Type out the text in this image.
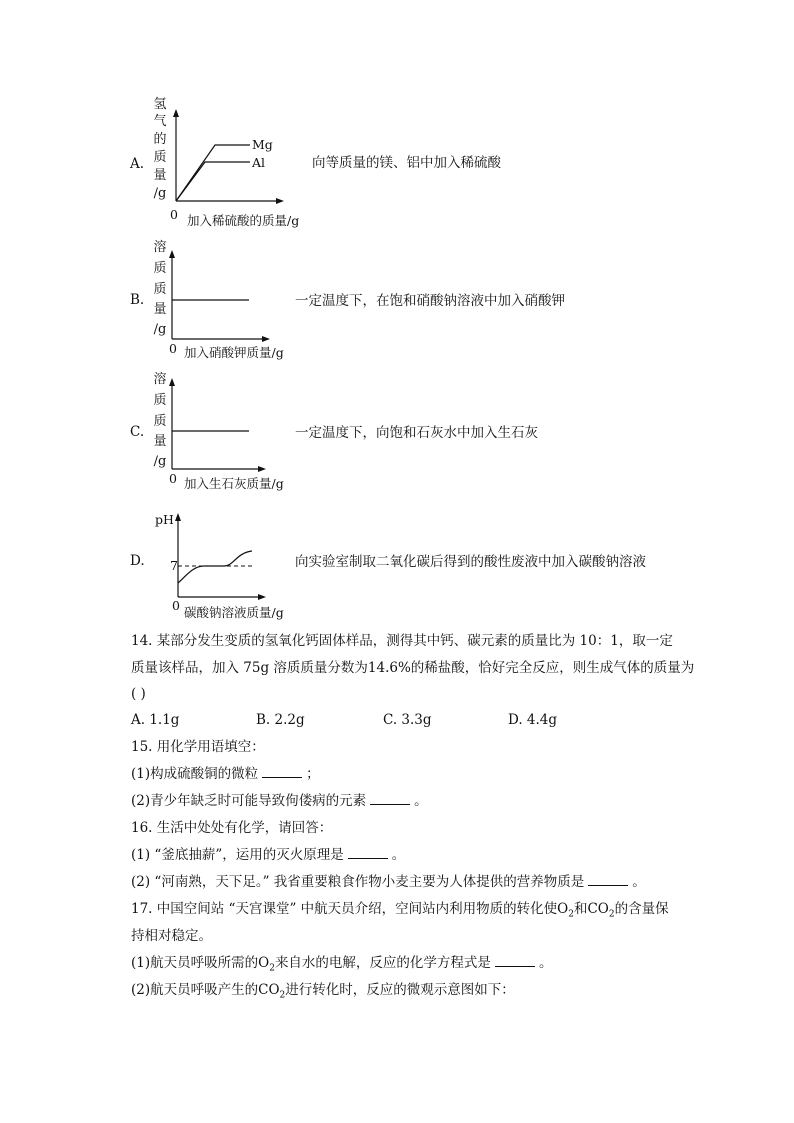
A.
氢
气
的
质
量
/g
Mg
Al
0 加入稀硫酸的质量/g
向等质量的镁、铝中加入稀硫酸
B.
溶
质
质
量
/g
0 加入硝酸钾质量/g
一定温度下，在饱和硝酸钠溶液中加入硝酸钾
C.
溶
质
质
量
/g
0 加入生石灰质量/g
一定温度下，向饱和石灰水中加入生石灰
D.
pH
7
0 碳酸钠溶液质量/g
向实验室制取二氧化碳后得到的酸性废液中加入碳酸钠溶液
14. 某部分发生变质的氢氧化钙固体样品，测得其中钙、碳元素的质量比为 10：1，取一定
质量该样品，加入 75g 溶质质量分数为14.6%的稀盐酸，恰好完全反应，则生成气体的质量为
( )
A. 1.1g	B. 2.2g	C. 3.3g	D. 4.4g
15. 用化学用语填空：
(1)构成硫酸铜的微粒	；
(2)青少年缺乏时可能导致佝偻病的元素	。
16. 生活中处处有化学，请回答：
(1) “釜底抽薪”，运用的灭火原理是	。
(2) “河南熟，天下足。” 我省重要粮食作物小麦主要为人体提供的营养物质是	。
17. 中国空间站 “天宫课堂” 中航天员介绍，空间站内利用物质的转化使$O_2$和$CO_2$的含量保
持相对稳定。
(1)航天员呼吸所需的$O_2$来自水的电解，反应的化学方程式是	。
(2)航天员呼吸产生的$CO_2$进行转化时，反应的微观示意图如下：
